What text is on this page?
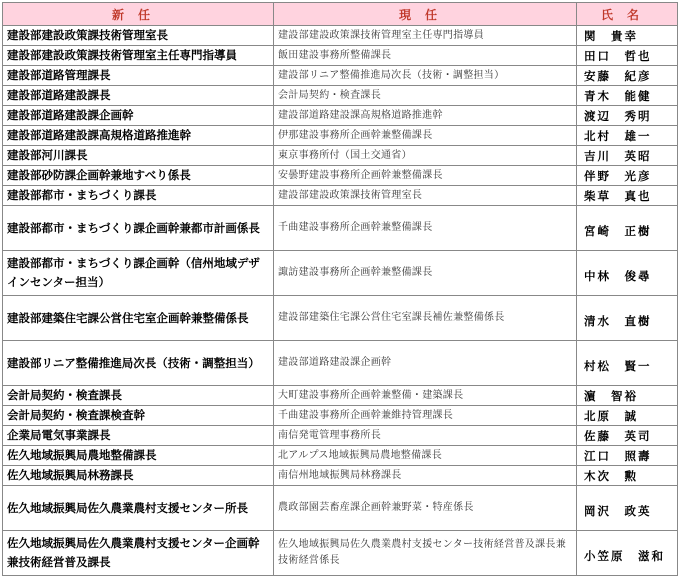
新任	現任	氏名
建設部建設政策課技術管理室長	建設部建設政策課技術管理室主任専門指導員	関　貴幸
建設部建設政策課技術管理室主任専門指導員	飯田建設事務所整備課長	田口　哲也
建設部道路管理課長	建設部リニア整備推進局次長（技術・調整担当）	安藤　紀彦
建設部道路建設課長	会計局契約・検査課長	青木　能健
建設部道路建設課企画幹	建設部道路建設課高規格道路推進幹	渡辺　秀明
建設部道路建設課高規格道路推進幹	伊那建設事務所企画幹兼整備課長	北村　雄一
建設部河川課長	東京事務所付（国土交通省）	吉川　英昭
建設部砂防課企画幹兼地すべり係長	安曇野建設事務所企画幹兼整備課長	伴野　光彦
建設部都市・まちづくり課長	建設部建設政策課技術管理室長	柴草　真也
建設部都市・まちづくり課企画幹兼都市計画係長	千曲建設事務所企画幹兼整備課長	宮崎　正樹
建設部都市・まちづくり課企画幹（信州地域デザインセンター担当）	諏訪建設事務所企画幹兼整備課長	中林　俊尋
建設部建築住宅課公営住宅室企画幹兼整備係長	建設部建築住宅課公営住宅室課長補佐兼整備係長	清水　直樹
建設部リニア整備推進局次長（技術・調整担当）	建設部道路建設課企画幹	村松　賢一
会計局契約・検査課長	大町建設事務所企画幹兼整備・建築課長	濵　智裕
会計局契約・検査課検査幹	千曲建設事務所企画幹兼維持管理課長	北原　誠
企業局電気事業課長	南信発電管理事務所長	佐藤　英司
佐久地域振興局農地整備課長	北アルプス地域振興局農地整備課長	江口　照壽
佐久地域振興局林務課長	南信州地域振興局林務課長	木次　勲
佐久地域振興局佐久農業農村支援センター所長	農政部園芸畜産課企画幹兼野菜・特産係長	岡沢　政英
佐久地域振興局佐久農業農村支援センター企画幹兼技術経営普及課長	佐久地域振興局佐久農業農村支援センター技術経営普及課長兼技術経営係長	小笠原　滋和
